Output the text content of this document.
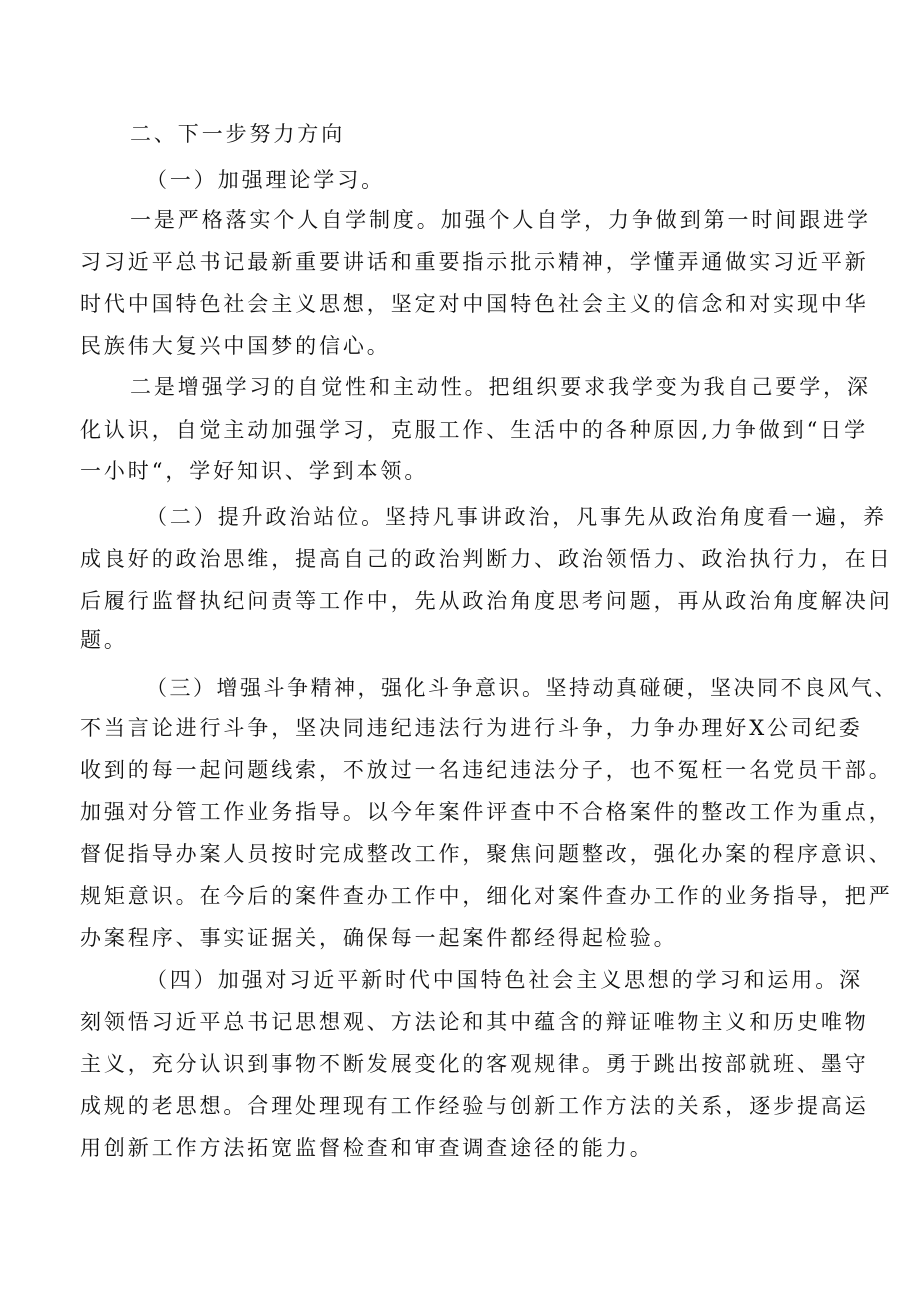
二、下一步努力方向
（一）加强理论学习。
一是严格落实个人自学制度。加强个人自学，力争做到第一时间跟进学
习习近平总书记最新重要讲话和重要指示批示精神，学懂弄通做实习近平新
时代中国特色社会主义思想，坚定对中国特色社会主义的信念和对实现中华
民族伟大复兴中国梦的信心。
二是增强学习的自觉性和主动性。把组织要求我学变为我自己要学，深
化认识，自觉主动加强学习，克服工作、生活中的各种原因,力争做到“日学
一小时“，学好知识、学到本领。
（二）提升政治站位。坚持凡事讲政治，凡事先从政治角度看一遍，养
成良好的政治思维，提高自己的政治判断力、政治领悟力、政治执行力，在日
后履行监督执纪问责等工作中，先从政治角度思考问题，再从政治角度解决问
题。
（三）增强斗争精神，强化斗争意识。坚持动真碰硬，坚决同不良风气、
不当言论进行斗争，坚决同违纪违法行为进行斗争，力争办理好X公司纪委
收到的每一起问题线索，不放过一名违纪违法分子，也不冤枉一名党员干部。
加强对分管工作业务指导。以今年案件评查中不合格案件的整改工作为重点，
督促指导办案人员按时完成整改工作，聚焦问题整改，强化办案的程序意识、
规矩意识。在今后的案件查办工作中，细化对案件查办工作的业务指导，把严
办案程序、事实证据关，确保每一起案件都经得起检验。
（四）加强对习近平新时代中国特色社会主义思想的学习和运用。深
刻领悟习近平总书记思想观、方法论和其中蕴含的辩证唯物主义和历史唯物
主义，充分认识到事物不断发展变化的客观规律。勇于跳出按部就班、墨守
成规的老思想。合理处理现有工作经验与创新工作方法的关系，逐步提高运
用创新工作方法拓宽监督检查和审查调查途径的能力。
